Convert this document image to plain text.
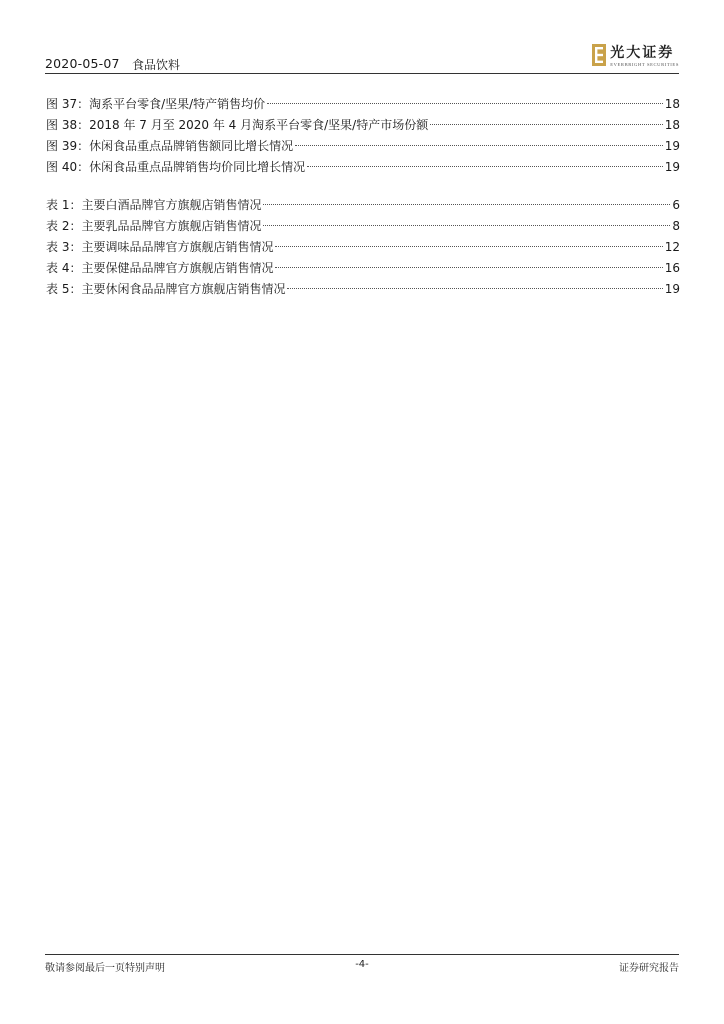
2020-05-07 食品饮料
光大证券
EVERBRIGHT SECURITIES
图 37：淘系平台零食/坚果/特产销售均价	18
图 38：2018 年 7 月至 2020 年 4 月淘系平台零食/坚果/特产市场份额	18
图 39：休闲食品重点品牌销售额同比增长情况	19
图 40：休闲食品重点品牌销售均价同比增长情况	19
表 1：主要白酒品牌官方旗舰店销售情况	6
表 2：主要乳品品牌官方旗舰店销售情况	8
表 3：主要调味品品牌官方旗舰店销售情况	12
表 4：主要保健品品牌官方旗舰店销售情况	16
表 5：主要休闲食品品牌官方旗舰店销售情况	19
敬请参阅最后一页特别声明	-4-	证券研究报告
